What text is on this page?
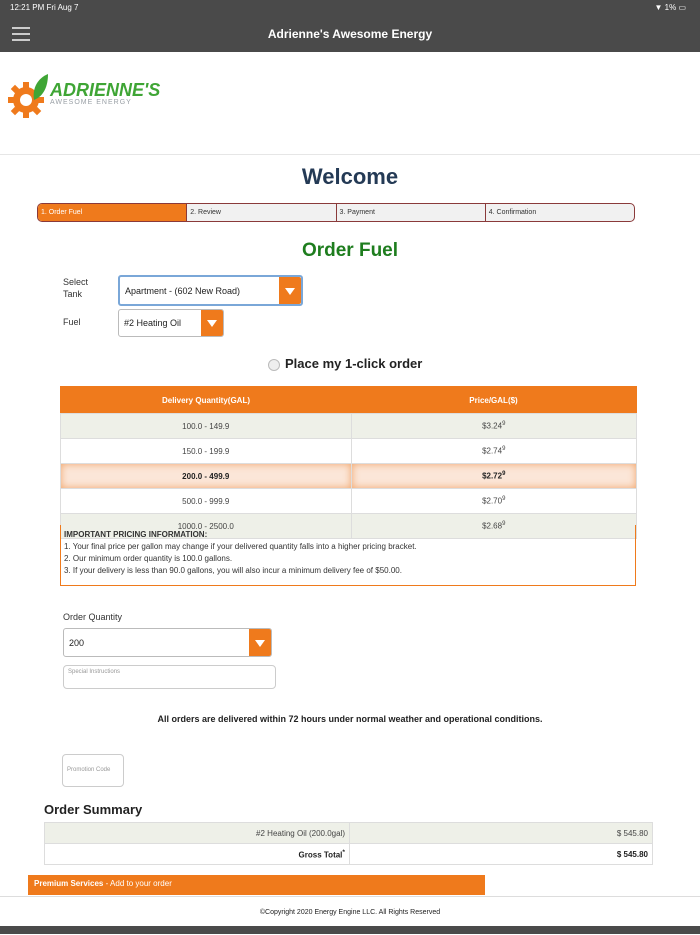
12:21 PM Fri Aug 7	▼ 1% ▭
Adrienne's Awesome Energy
ADRIENNE'S
AWESOME ENERGY
Welcome
1. Order Fuel	2. Review	3. Payment	4. Confirmation
Order Fuel
Select Tank	Apartment - (602 New Road)
Fuel	#2 Heating Oil
Place my 1-click order
Delivery Quantity(GAL)	Price/GAL($)
100.0 - 149.9	$3.24$^9$
150.0 - 199.9	$2.74$^9$
200.0 - 499.9	$2.72$^9$
500.0 - 999.9	$2.70$^9$
1000.0 - 2500.0	$2.68$^9$
IMPORTANT PRICING INFORMATION:
1. Your final price per gallon may change if your delivered quantity falls into a higher pricing bracket.
2. Our minimum order quantity is 100.0 gallons.
3. If your delivery is less than 90.0 gallons, you will also incur a minimum delivery fee of $50.00.
Order Quantity
200
Special Instructions
All orders are delivered within 72 hours under normal weather and operational conditions.
Promotion Code
Order Summary
#2 Heating Oil (200.0gal)	$ 545.80
Gross Total*	$ 545.80
Premium Services - Add to your order
©Copyright 2020 Energy Engine LLC. All Rights Reserved
